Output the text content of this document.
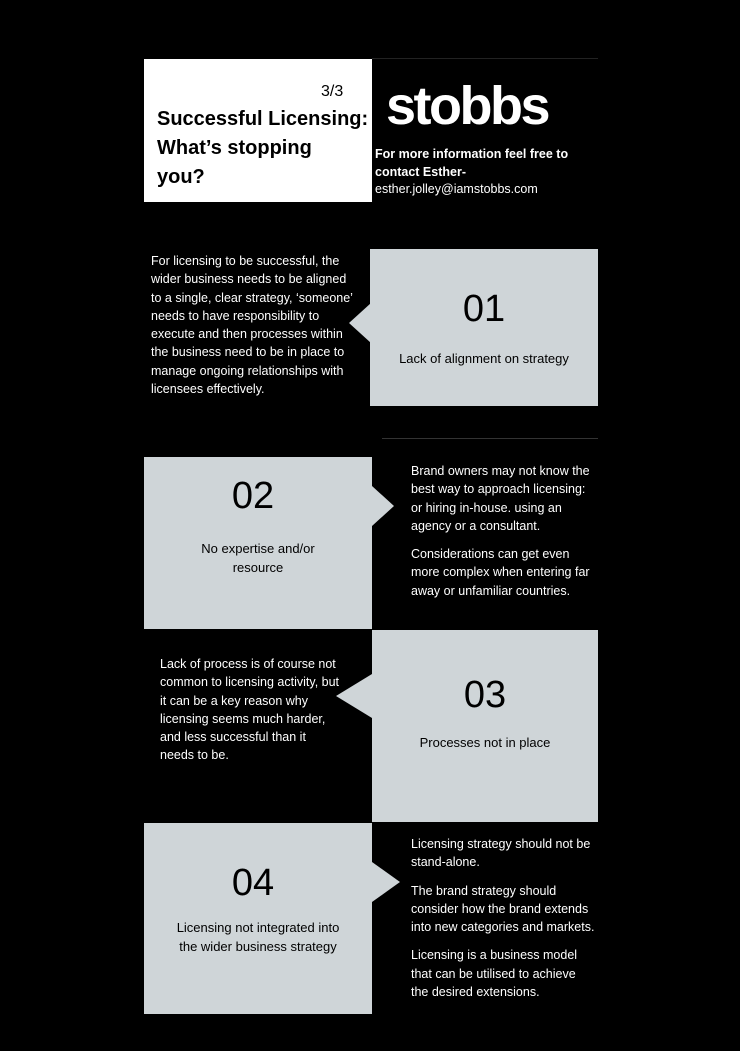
3/3
Successful Licensing:
What’s stopping
you?
stobbs
For more information feel free to
contact Esther-
esther.jolley@iamstobbs.com

For licensing to be successful, the wider business needs to be aligned to a single, clear strategy, ‘someone’ needs to have responsibility to execute and then processes within the business need to be in place to manage ongoing relationships with licensees effectively.

01
Lack of alignment on strategy
02
No expertise and/or resource

Brand owners may not know the best way to approach licensing: or hiring in-house. using an agency or a consultant.

Considerations can get even more complex when entering far away or unfamiliar countries.

Lack of process is of course not common to licensing activity, but it can be a key reason why licensing seems much harder, and less successful than it needs to be.

03
Processes not in place
04
Licensing not integrated into the wider business strategy

Licensing strategy should not be stand-alone.

The brand strategy should consider how the brand extends into new categories and markets.

Licensing is a business model that can be utilised to achieve the desired extensions.
